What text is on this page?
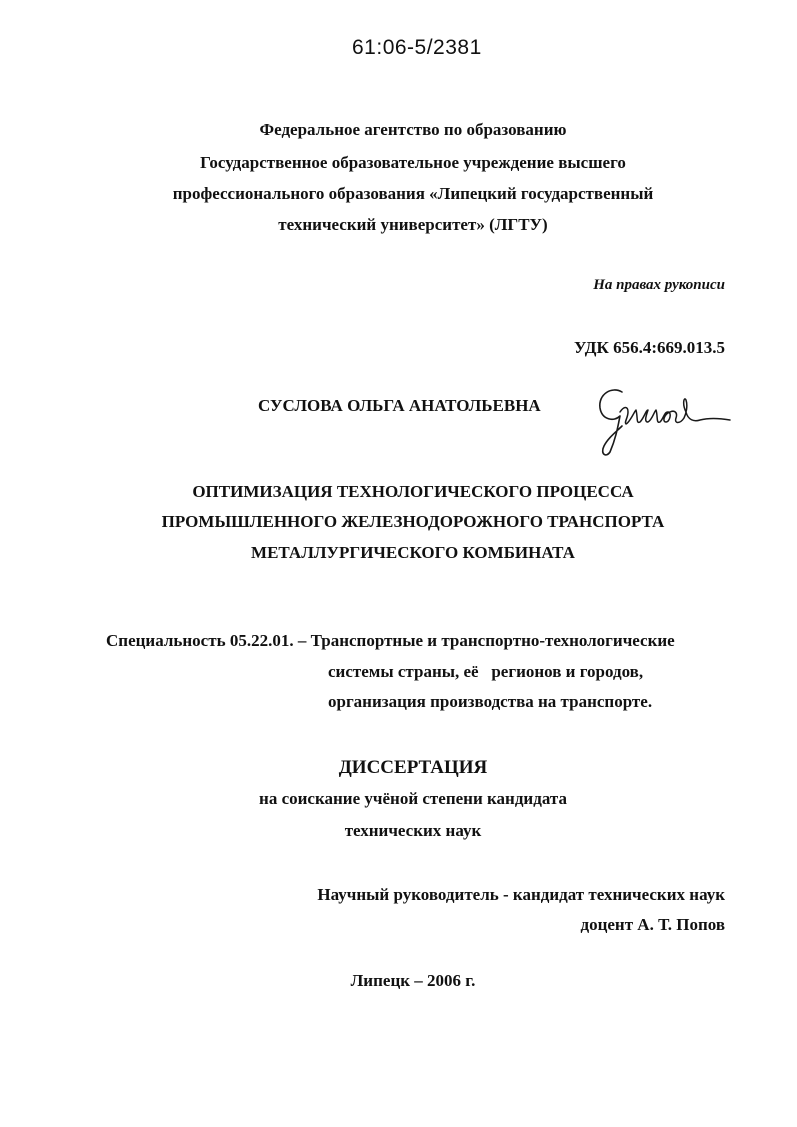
61:06-5/2381
Федеральное агентство по образованию
Государственное образовательное учреждение высшего
профессионального образования «Липецкий государственный
технический университет» (ЛГТУ)
На правах рукописи
УДК 656.4:669.013.5
СУСЛОВА ОЛЬГА АНАТОЛЬЕВНА
ОПТИМИЗАЦИЯ ТЕХНОЛОГИЧЕСКОГО ПРОЦЕССА
ПРОМЫШЛЕННОГО ЖЕЛЕЗНОДОРОЖНОГО ТРАНСПОРТА
МЕТАЛЛУРГИЧЕСКОГО КОМБИНАТА
Специальность 05.22.01. – Транспортные и транспортно-технологические
системы страны, её   регионов и городов,
организация производства на транспорте.
ДИССЕРТАЦИЯ
на соискание учёной степени кандидата
технических наук
Научный руководитель - кандидат технических наук
доцент А. Т. Попов
Липецк – 2006 г.
